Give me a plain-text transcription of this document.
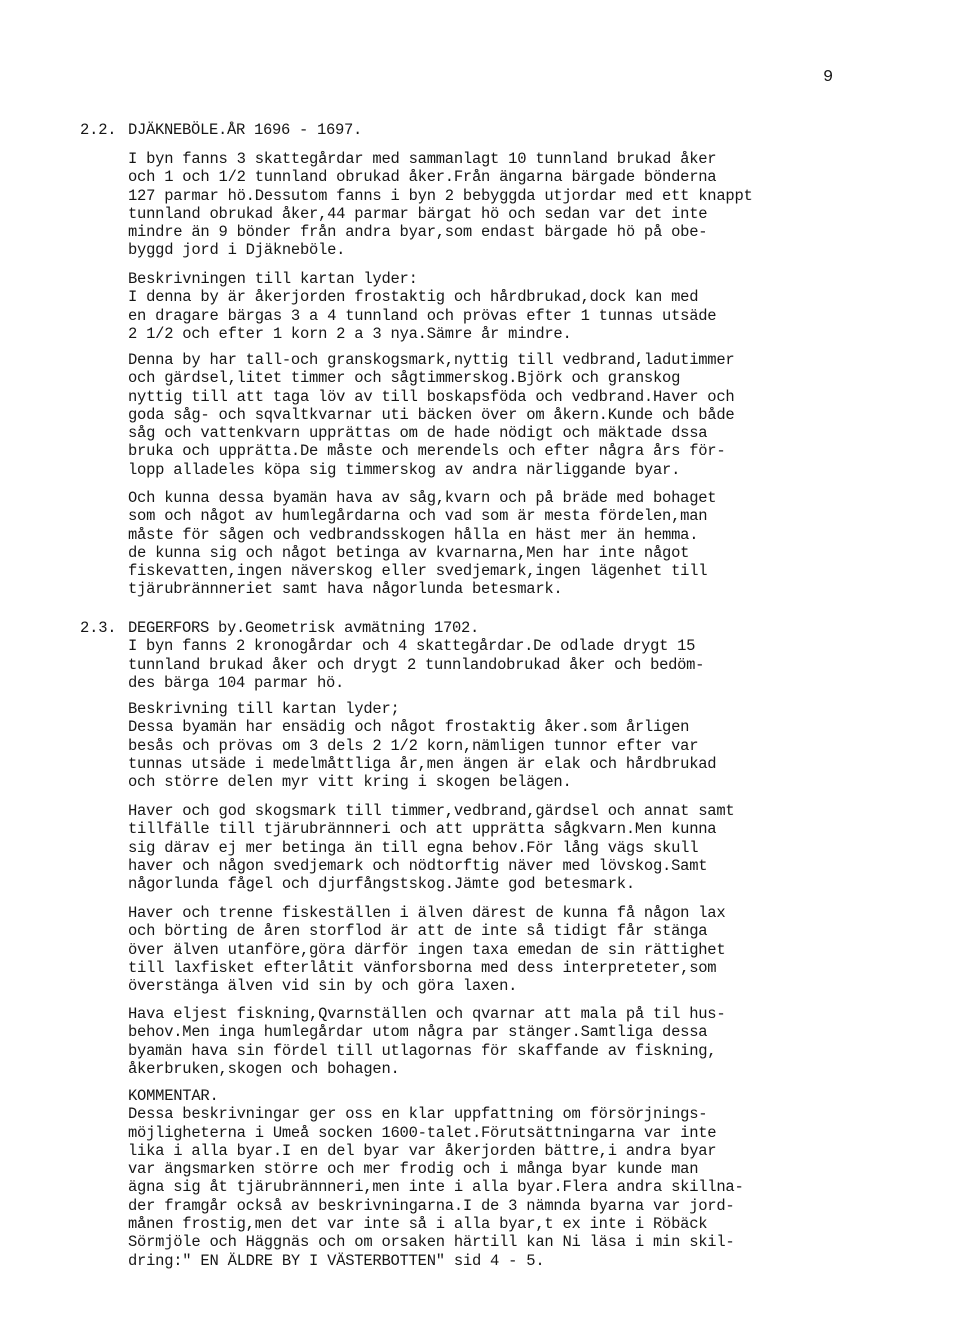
9
2.2. DJÄKNEBÖLE.ÅR 1696 - 1697.
I byn fanns 3 skattegårdar med sammanlagt 10 tunnland brukad åker
och 1 och 1/2 tunnland obrukad åker.Från ängarna bärgade bönderna
127 parmar hö.Dessutom fanns i byn 2 bebyggda utjordar med ett knappt
tunnland obrukad åker,44 parmar bärgat hö och sedan var det inte
mindre än 9 bönder från andra byar,som endast bärgade hö på obe-
byggd jord i Djäkneböle.
Beskrivningen till kartan lyder:
I denna by är åkerjorden frostaktig och hårdbrukad,dock kan med
en dragare bärgas 3 a 4 tunnland och prövas efter 1 tunnas utsäde
2 1/2 och efter 1 korn 2 a 3 nya.Sämre år mindre.
Denna by har tall-och granskogsmark,nyttig till vedbrand,ladutimmer
och gärdsel,litet timmer och sågtimmerskog.Björk och granskog
nyttig till att taga löv av till boskapsföda och vedbrand.Haver och
goda såg- och sqvaltkvarnar uti bäcken över om åkern.Kunde och både
såg och vattenkvarn upprättas om de hade nödigt och mäktade dssa
bruka och upprätta.De måste och merendels och efter några års för-
lopp alladeles köpa sig timmerskog av andra närliggande byar.
Och kunna dessa byamän hava av såg,kvarn och på bräde med bohaget
som och något av humlegårdarna och vad som är mesta fördelen,man
måste för sågen och vedbrandsskogen hålla en häst mer än hemma.
de kunna sig och något betinga av kvarnarna,Men har inte något
fiskevatten,ingen näverskog eller svedjemark,ingen lägenhet till
tjärubrännneriet samt hava någorlunda betesmark.
2.3. DEGERFORS by.Geometrisk avmätning 1702.
I byn fanns 2 kronogårdar och 4 skattegårdar.De odlade drygt 15
tunnland brukad åker och drygt 2 tunnlandobrukad åker och bedöm-
des bärga 104 parmar hö.
Beskrivning till kartan lyder;
Dessa byamän har ensädig och något frostaktig åker.som årligen
besås och prövas om 3 dels 2 1/2 korn,nämligen tunnor efter var
tunnas utsäde i medelmåttliga år,men ängen är elak och hårdbrukad
och större delen myr vitt kring i skogen belägen.
Haver och god skogsmark till timmer,vedbrand,gärdsel och annat samt
tillfälle till tjärubrännneri och att upprätta sågkvarn.Men kunna
sig därav ej mer betinga än till egna behov.För lång vägs skull
haver och någon svedjemark och nödtorftig näver med lövskog.Samt
någorlunda fågel och djurfångstskog.Jämte god betesmark.
Haver och trenne fiskeställen i älven därest de kunna få någon lax
och börting de åren storflod är att de inte så tidigt får stänga
över älven utanföre,göra därför ingen taxa emedan de sin rättighet
till laxfisket efterlåtit vänforsborna med dess interpreteter,som
överstänga älven vid sin by och göra laxen.
Hava eljest fiskning,Qvarnställen och qvarnar att mala på til hus-
behov.Men inga humlegårdar utom några par stänger.Samtliga dessa
byamän hava sin fördel till utlagornas för skaffande av fiskning,
åkerbruken,skogen och bohagen.
KOMMENTAR.
Dessa beskrivningar ger oss en klar uppfattning om försörjnings-
möjligheterna i Umeå socken 1600-talet.Förutsättningarna var inte
lika i alla byar.I en del byar var åkerjorden bättre,i andra byar
var ängsmarken större och mer frodig och i många byar kunde man
ägna sig åt tjärubrännneri,men inte i alla byar.Flera andra skillna-
der framgår också av beskrivningarna.I de 3 nämnda byarna var jord-
månen frostig,men det var inte så i alla byar,t ex inte i Röbäck
Sörmjöle och Häggnäs och om orsaken härtill kan Ni läsa i min skil-
dring:" EN ÄLDRE BY I VÄSTERBOTTEN" sid 4 - 5.
